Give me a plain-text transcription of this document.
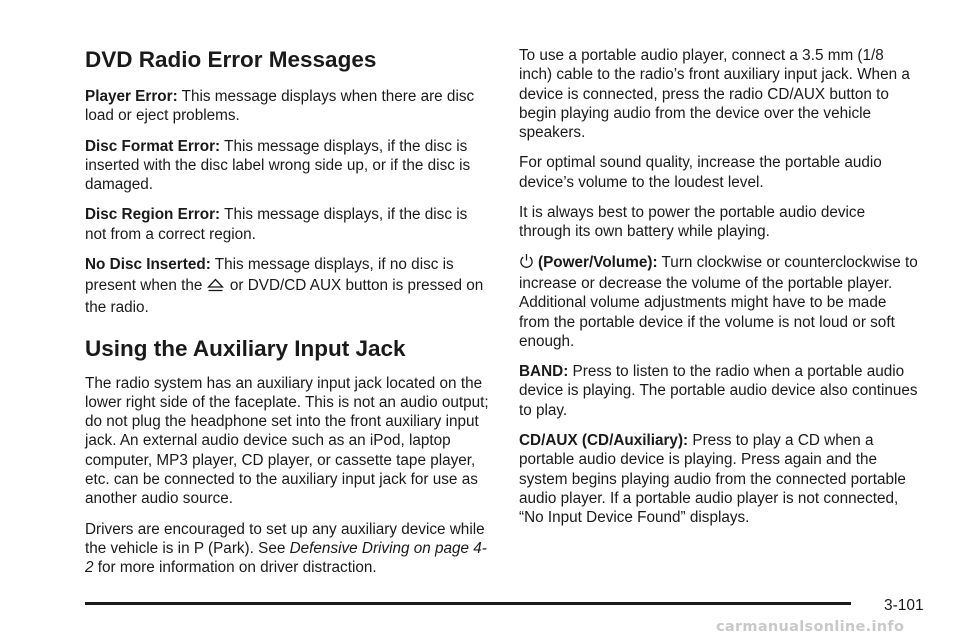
DVD Radio Error Messages

Player Error: This message displays when there are disc load or eject problems.

Disc Format Error: This message displays, if the disc is inserted with the disc label wrong side up, or if the disc is damaged.

Disc Region Error: This message displays, if the disc is not from a correct region.

No Disc Inserted: This message displays, if no disc is present when the  or DVD/CD AUX button is pressed on the radio.

Using the Auxiliary Input Jack

The radio system has an auxiliary input jack located on the lower right side of the faceplate. This is not an audio output; do not plug the headphone set into the front auxiliary input jack. An external audio device such as an iPod, laptop computer, MP3 player, CD player, or cassette tape player, etc. can be connected to the auxiliary input jack for use as another audio source.

Drivers are encouraged to set up any auxiliary device while the vehicle is in P (Park). See Defensive Driving on page 4-2 for more information on driver distraction.

To use a portable audio player, connect a 3.5 mm (1/8 inch) cable to the radio’s front auxiliary input jack. When a device is connected, press the radio CD/AUX button to begin playing audio from the device over the vehicle speakers.

For optimal sound quality, increase the portable audio device’s volume to the loudest level.

It is always best to power the portable audio device through its own battery while playing.

(Power/Volume): Turn clockwise or counterclockwise to increase or decrease the volume of the portable player. Additional volume adjustments might have to be made from the portable device if the volume is not loud or soft enough.

BAND: Press to listen to the radio when a portable audio device is playing. The portable audio device also continues to play.

CD/AUX (CD/Auxiliary): Press to play a CD when a portable audio device is playing. Press again and the system begins playing audio from the connected portable audio player. If a portable audio player is not connected, “No Input Device Found” displays.

3-101
carmanualsonline.info
